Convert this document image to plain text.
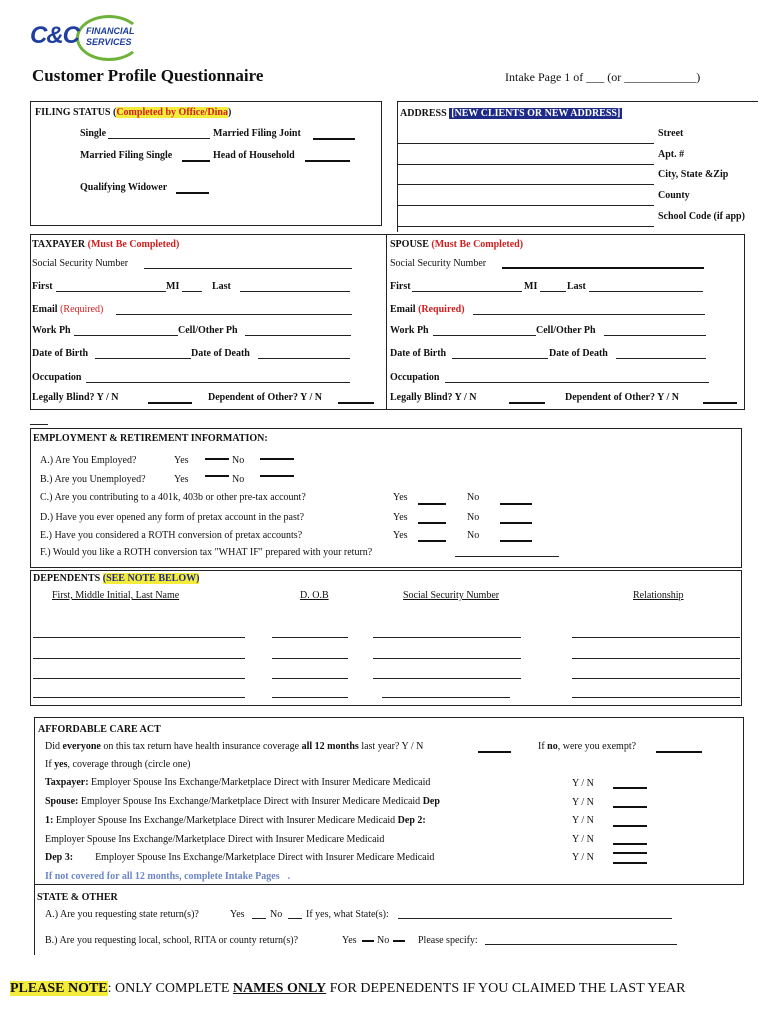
C&C FINANCIAL
SERVICES
Customer Profile Questionnaire	Intake Page 1 of ___ (or ____________)
FILING STATUS (Completed by Office/Dina)
Single	Married Filing Joint
Married Filing Single	Head of Household
Qualifying Widower
ADDRESS [NEW CLIENTS OR NEW ADDRESS]
Street
Apt. #
City, State &Zip
County
School Code (if app)
TAXPAYER (Must Be Completed)
Social Security Number
First	MI	Last
Email (Required)
Work Ph	Cell/Other Ph
Date of Birth	Date of Death
Occupation
Legally Blind? Y / N	Dependent of Other? Y / N
SPOUSE (Must Be Completed)
Social Security Number
First	MI	Last
Email (Required)
Work Ph	Cell/Other Ph
Date of Birth	Date of Death
Occupation
Legally Blind? Y / N	Dependent of Other? Y / N
EMPLOYMENT & RETIREMENT INFORMATION:
A.) Are You Employed?	Yes	No
B.) Are you Unemployed?	Yes	No
C.) Are you contributing to a 401k, 403b or other pre-tax account?	Yes	No
D.) Have you ever opened any form of pretax account in the past?	Yes	No
E.) Have you considered a ROTH conversion of pretax accounts?	Yes	No
F.) Would you like a ROTH conversion tax "WHAT IF" prepared with your return?
DEPENDENTS (SEE NOTE BELOW)
First, Middle Initial, Last Name	D. O.B	Social Security Number	Relationship
AFFORDABLE CARE ACT
Did everyone on this tax return have health insurance coverage all 12 months last year? Y / N	If no, were you exempt?
If yes, coverage through (circle one)
Taxpayer: Employer Spouse Ins Exchange/Marketplace Direct with Insurer Medicare Medicaid	Y / N
Spouse: Employer Spouse Ins Exchange/Marketplace Direct with Insurer Medicare Medicaid Dep	Y / N
1: Employer Spouse Ins Exchange/Marketplace Direct with Insurer Medicare Medicaid Dep 2:	Y / N
Employer Spouse Ins Exchange/Marketplace Direct with Insurer Medicare Medicaid	Y / N
Dep 3: Employer Spouse Ins Exchange/Marketplace Direct with Insurer Medicare Medicaid	Y / N
If not covered for all 12 months, complete Intake Pages .
STATE & OTHER
A.) Are you requesting state return(s)?	Yes	No If yes, what State(s):
B.) Are you requesting local, school, RITA or county return(s)?	Yes No	Please specify:
PLEASE NOTE: ONLY COMPLETE NAMES ONLY FOR DEPENEDENTS IF YOU CLAIMED THE LAST YEAR
